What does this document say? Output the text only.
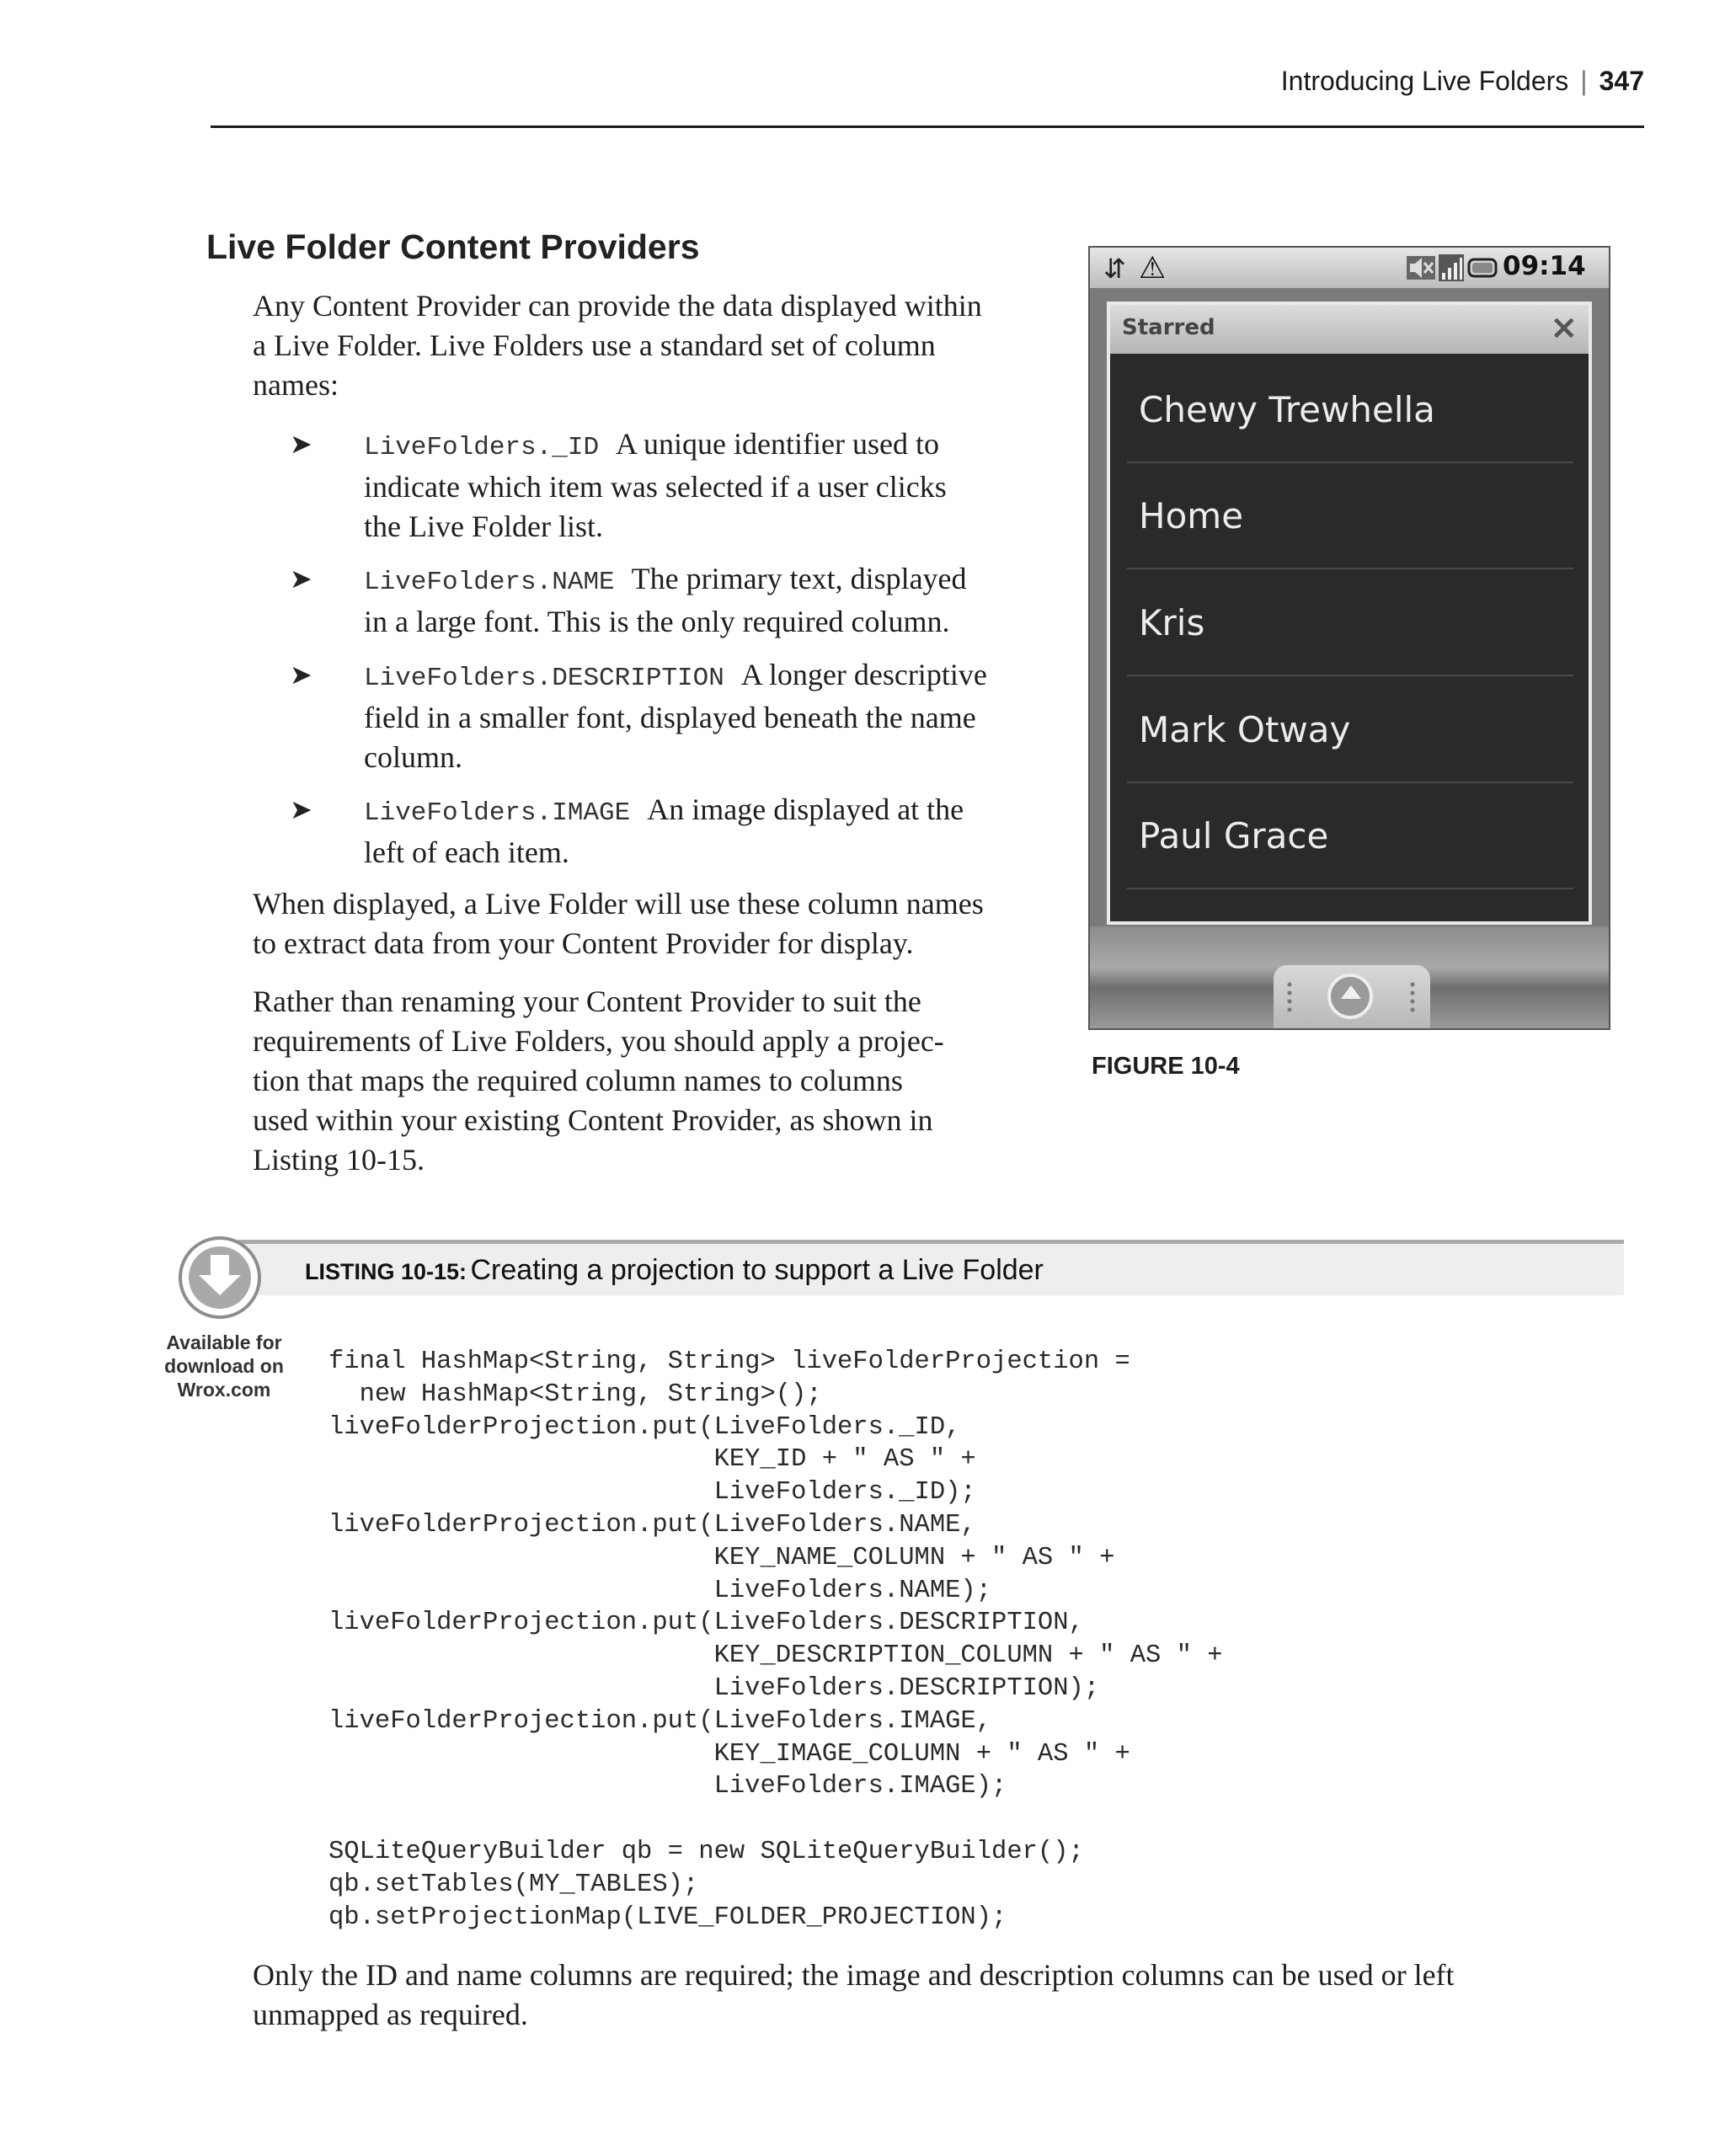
Introducing Live Folders | 347
Live Folder Content Providers
Any Content Provider can provide the data displayed within
a Live Folder. Live Folders use a standard set of column
names:
➤ LiveFolders._ID A unique identifier used to
indicate which item was selected if a user clicks
the Live Folder list.
➤ LiveFolders.NAME The primary text, displayed
in a large font. This is the only required column.
➤ LiveFolders.DESCRIPTION A longer descriptive
field in a smaller font, displayed beneath the name
column.
➤ LiveFolders.IMAGE An image displayed at the
left of each item.
When displayed, a Live Folder will use these column names
to extract data from your Content Provider for display.
Rather than renaming your Content Provider to suit the
requirements of Live Folders, you should apply a projec-
tion that maps the required column names to columns
used within your existing Content Provider, as shown in
Listing 10-15.
⇵ ⚠	09:14
Starred	×
Chewy Trewhella
Home
Kris
Mark Otway
Paul Grace
FIGURE 10-4
LISTING 10-15: Creating a projection to support a Live Folder
Available for
download on
Wrox.com
final HashMap<String, String> liveFolderProjection =
new HashMap<String, String>();
liveFolderProjection.put(LiveFolders._ID,
KEY_ID + " AS " +
LiveFolders._ID);
liveFolderProjection.put(LiveFolders.NAME,
KEY_NAME_COLUMN + " AS " +
LiveFolders.NAME);
liveFolderProjection.put(LiveFolders.DESCRIPTION,
KEY_DESCRIPTION_COLUMN + " AS " +
LiveFolders.DESCRIPTION);
liveFolderProjection.put(LiveFolders.IMAGE,
KEY_IMAGE_COLUMN + " AS " +
LiveFolders.IMAGE);
SQLiteQueryBuilder qb = new SQLiteQueryBuilder();
qb.setTables(MY_TABLES);
qb.setProjectionMap(LIVE_FOLDER_PROJECTION);
Only the ID and name columns are required; the image and description columns can be used or left
unmapped as required.
